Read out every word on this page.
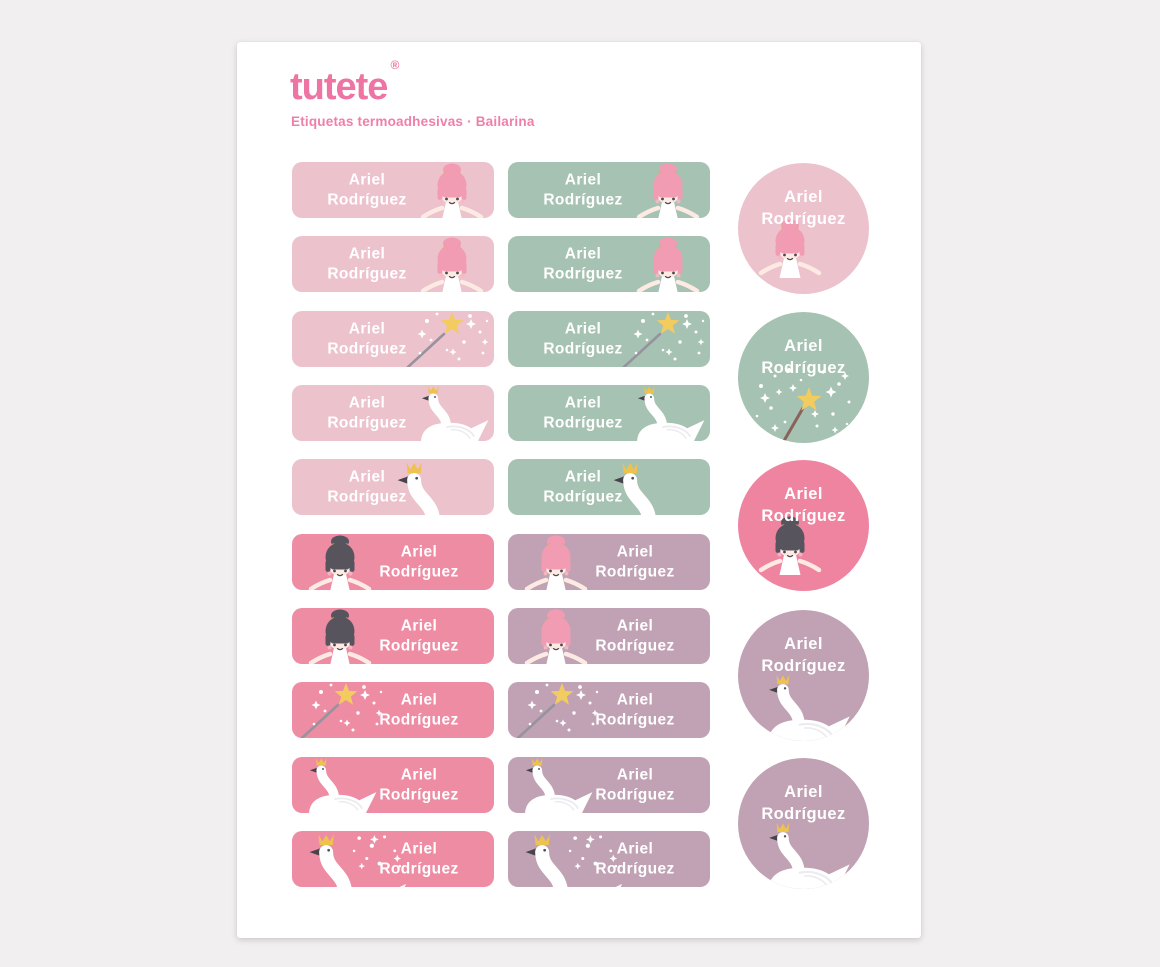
tutete®
Etiquetas termoadhesivas · Bailarina
Ariel
Rodríguez
Ariel
Rodríguez
Ariel
Rodríguez
Ariel
Rodríguez
Ariel
Rodríguez
Ariel
Rodríguez
Ariel
Rodríguez
Ariel
Rodríguez
Ariel
Rodríguez
Ariel
Rodríguez
Ariel
Rodríguez
Ariel
Rodríguez
Ariel
Rodríguez
Ariel
Rodríguez
Ariel
Rodríguez
Ariel
Rodríguez
Ariel
Rodríguez
Ariel
Rodríguez
Ariel
Rodríguez
Ariel
Rodríguez
Ariel
Rodríguez
Ariel
Rodríguez
Ariel
Rodríguez
Ariel
Rodríguez
Ariel
Rodríguez
